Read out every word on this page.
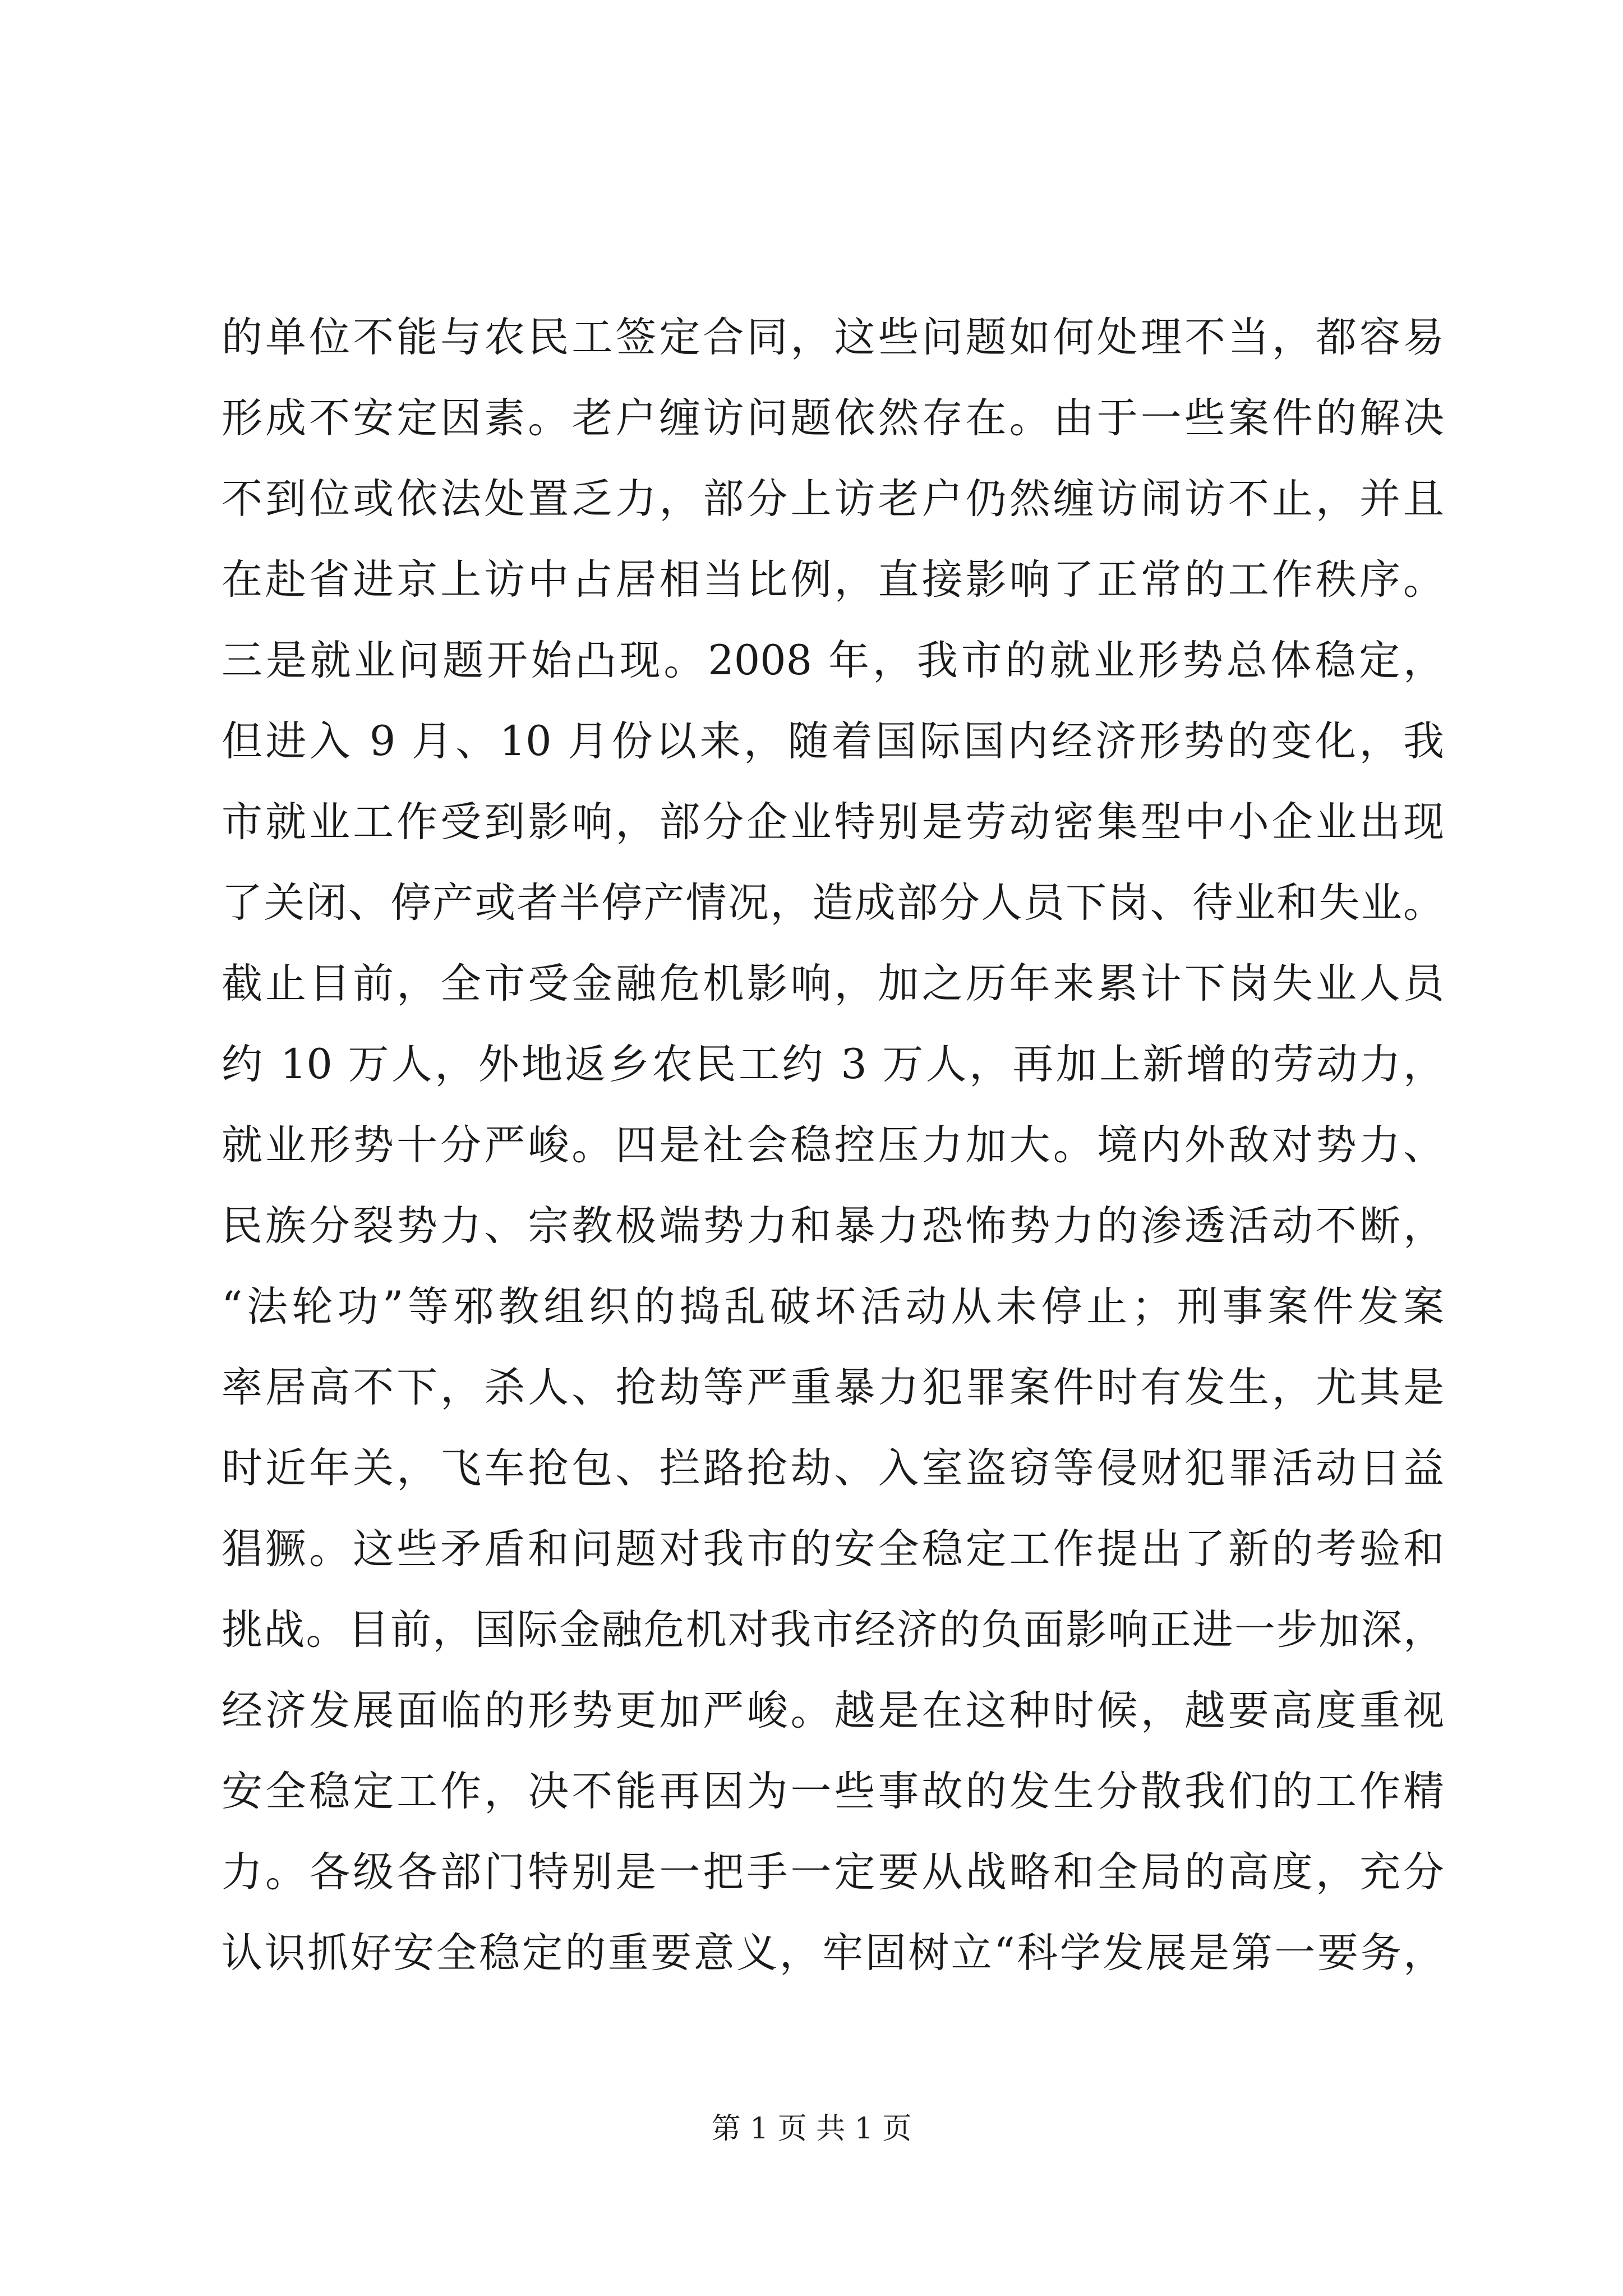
的单位不能与农民工签定合同，这些问题如何处理不当，都容易
形成不安定因素。老户缠访问题依然存在。由于一些案件的解决
不到位或依法处置乏力，部分上访老户仍然缠访闹访不止，并且
在赴省进京上访中占居相当比例，直接影响了正常的工作秩序。
三是就业问题开始凸现。2008 年，我市的就业形势总体稳定，
但进入 9 月、10 月份以来，随着国际国内经济形势的变化，我
市就业工作受到影响，部分企业特别是劳动密集型中小企业出现
了关闭、停产或者半停产情况，造成部分人员下岗、待业和失业。
截止目前，全市受金融危机影响，加之历年来累计下岗失业人员
约 10 万人，外地返乡农民工约 3 万人，再加上新增的劳动力，
就业形势十分严峻。四是社会稳控压力加大。境内外敌对势力、
民族分裂势力、宗教极端势力和暴力恐怖势力的渗透活动不断，
“法轮功”等邪教组织的捣乱破坏活动从未停止；刑事案件发案
率居高不下，杀人、抢劫等严重暴力犯罪案件时有发生，尤其是
时近年关，飞车抢包、拦路抢劫、入室盗窃等侵财犯罪活动日益
猖獗。这些矛盾和问题对我市的安全稳定工作提出了新的考验和
挑战。目前，国际金融危机对我市经济的负面影响正进一步加深，
经济发展面临的形势更加严峻。越是在这种时候，越要高度重视
安全稳定工作，决不能再因为一些事故的发生分散我们的工作精
力。各级各部门特别是一把手一定要从战略和全局的高度，充分
认识抓好安全稳定的重要意义，牢固树立“科学发展是第一要务，
第 1 页 共 1 页
